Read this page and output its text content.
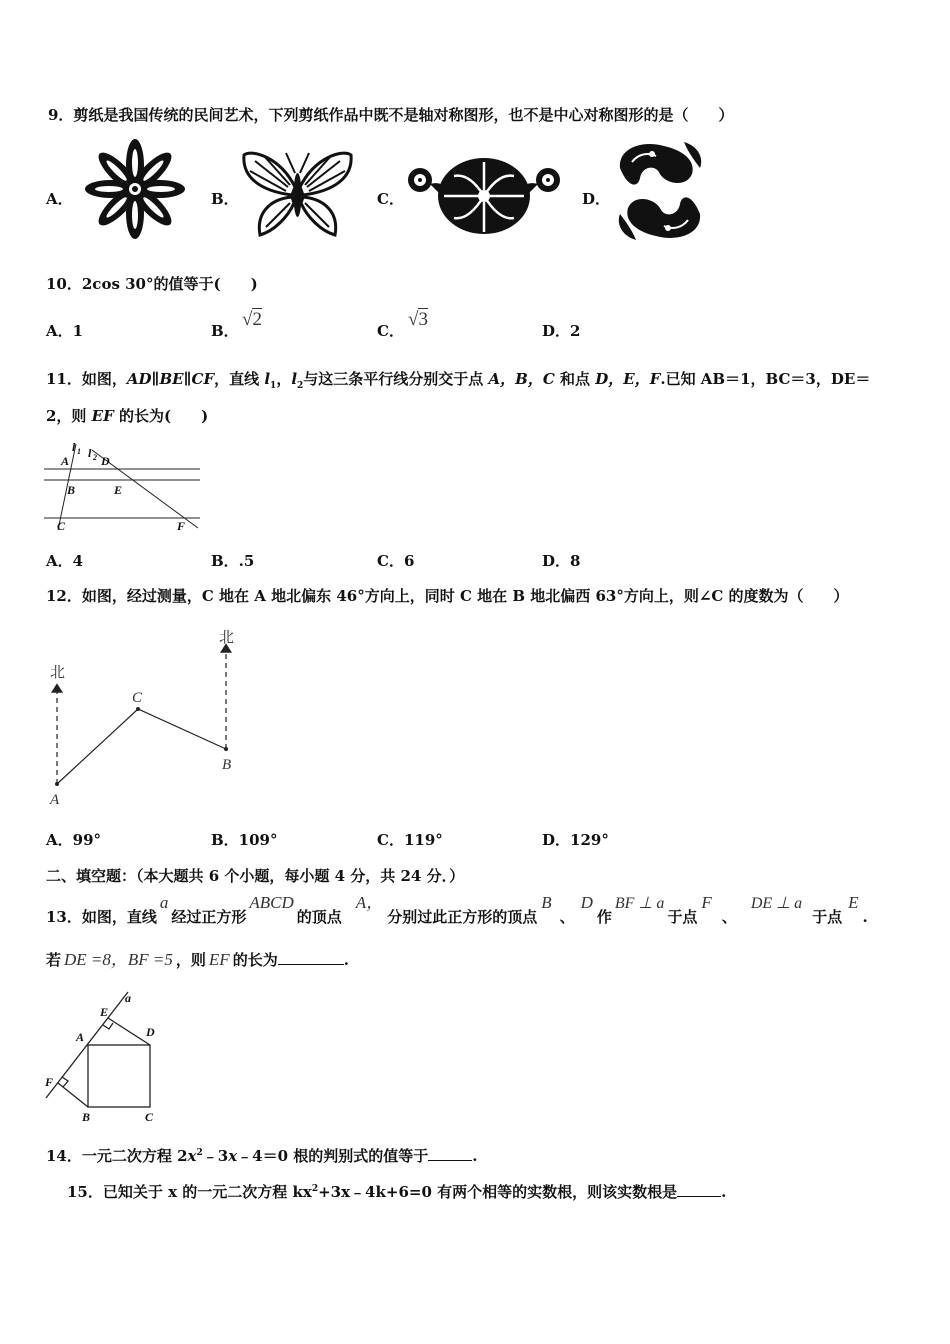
9．剪纸是我国传统的民间艺术，下列剪纸作品中既不是轴对称图形，也不是中心对称图形的是（　　）
A．	B．	C．	D．
10．2cos 30°的值等于(　　)
A．1	B．
√2
C．
√3
D．2
11．如图，AD∥BE∥CF，直线 $l_1$，$l_2$与这三条平行线分别交于点 A，B，C 和点 D，E，F.已知 AB＝1，BC＝3，DE＝
2，则 EF 的长为(　　)
l 1 l 2
A	D
B	E
C	F
A．4	B．.5	C．6	D．8
12．如图，经过测量，C 地在 A 地北偏东 46°方向上，同时 C 地在 B 地北偏西 63°方向上，则∠C 的度数为（　　）
北
北
A
B
C
A．99°	B．109°	C．119°	D．129°
二、填空题：（本大题共 6 个小题，每小题 4 分，共 24 分．）
13．如图，直线a经过正方形ABCD的顶点A，分别过此正方形的顶点B、D作BF ⊥ a于点F、DE ⊥ a于点E.
若 DE =8，BF =5 ，则 EF 的长为	.
E
a
A	D
F
B	C
14．一元二次方程 $2x^2﹣3x﹣4=0$ 根的判别式的值等于	.
15．已知关于 x 的一元二次方程 $kx^2+3x﹣4k+6=0$ 有两个相等的实数根，则该实数根是	.
